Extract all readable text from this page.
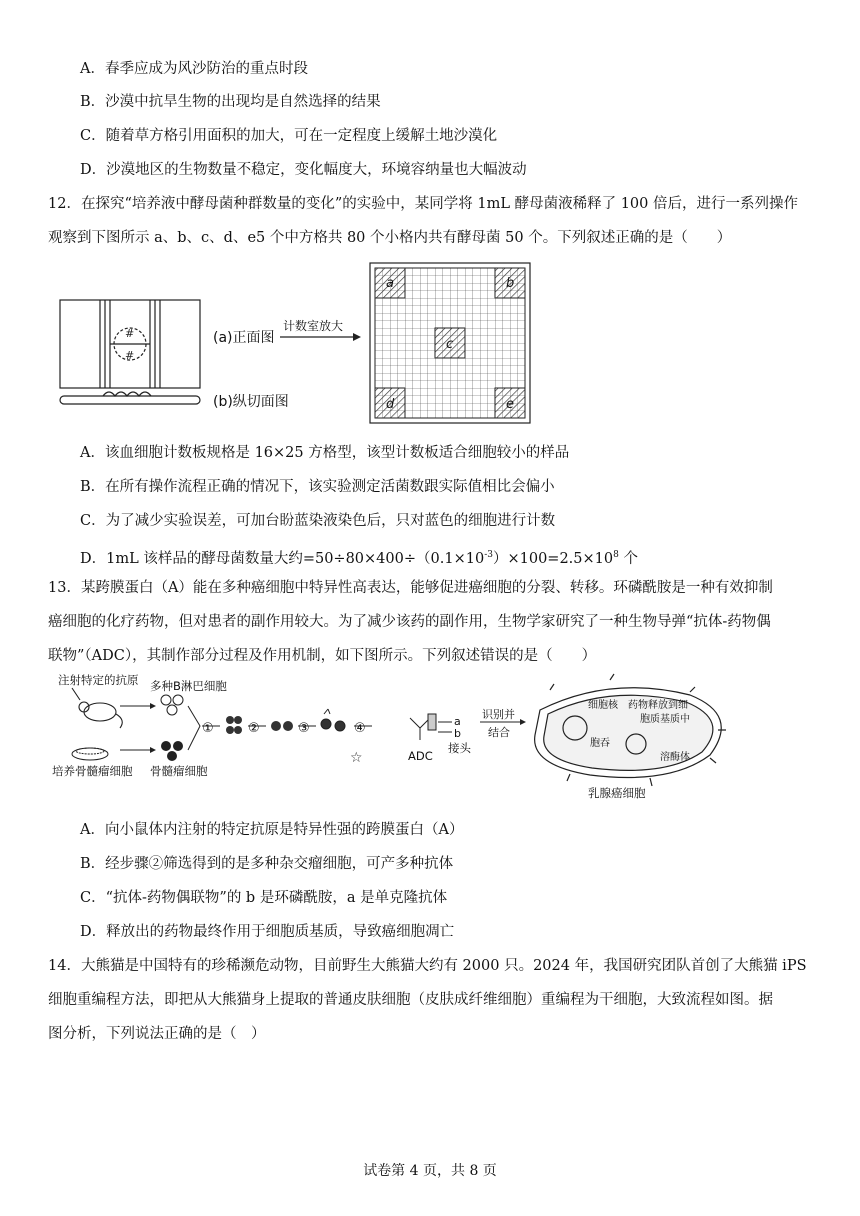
A．春季应成为风沙防治的重点时段
B．沙漠中抗旱生物的出现均是自然选择的结果
C．随着草方格引用面积的加大，可在一定程度上缓解土地沙漠化
D．沙漠地区的生物数量不稳定，变化幅度大，环境容纳量也大幅波动
12．在探究“培养液中酵母菌种群数量的变化”的实验中，某同学将 1mL 酵母菌液稀释了 100 倍后，进行一系列操作
观察到下图所示 a、b、c、d、e5 个中方格共 80 个小格内共有酵母菌 50 个。下列叙述正确的是（　　）
#
#
(a)正面图
(b)纵切面图
计数室放大
a	b
c
d	e
A．该血细胞计数板规格是 16×25 方格型，该型计数板适合细胞较小的样品
B．在所有操作流程正确的情况下，该实验测定活菌数跟实际值相比会偏小
C．为了减少实验误差，可加台盼蓝染液染色后，只对蓝色的细胞进行计数
D．1mL 该样品的酵母菌数量大约$=50\div 80\times 400\div(0.1\times 10^{-3})\times 100=2.5\times 10^8$ 个
13．某跨膜蛋白（A）能在多种癌细胞中特异性高表达，能够促进癌细胞的分裂、转移。环磷酰胺是一种有效抑制
癌细胞的化疗药物，但对患者的副作用较大。为了减少该药的副作用，生物学家研究了一种生物导弹“抗体-药物偶
联物”（ADC），其制作部分过程及作用机制，如下图所示。下列叙述错误的是（　　）
注射特定的抗原 多种B淋巴细胞
培养骨髓瘤细胞 骨髓瘤细胞
①	②	③	④
☆
a
b
接头
ADC
识别并
结合
细胞核 药物释放到细
胞质基质中
胞吞
溶酶体
乳腺癌细胞
A．向小鼠体内注射的特定抗原是特异性强的跨膜蛋白（A）
B．经步骤②筛选得到的是多种杂交瘤细胞，可产多种抗体
C．“抗体-药物偶联物”的 b 是环磷酰胺，a 是单克隆抗体
D．释放出的药物最终作用于细胞质基质，导致癌细胞凋亡
14．大熊猫是中国特有的珍稀濒危动物，目前野生大熊猫大约有 2000 只。2024 年，我国研究团队首创了大熊猫 iPS
细胞重编程方法，即把从大熊猫身上提取的普通皮肤细胞（皮肤成纤维细胞）重编程为干细胞，大致流程如图。据
图分析，下列说法正确的是（　）
试卷第 4 页，共 8 页
